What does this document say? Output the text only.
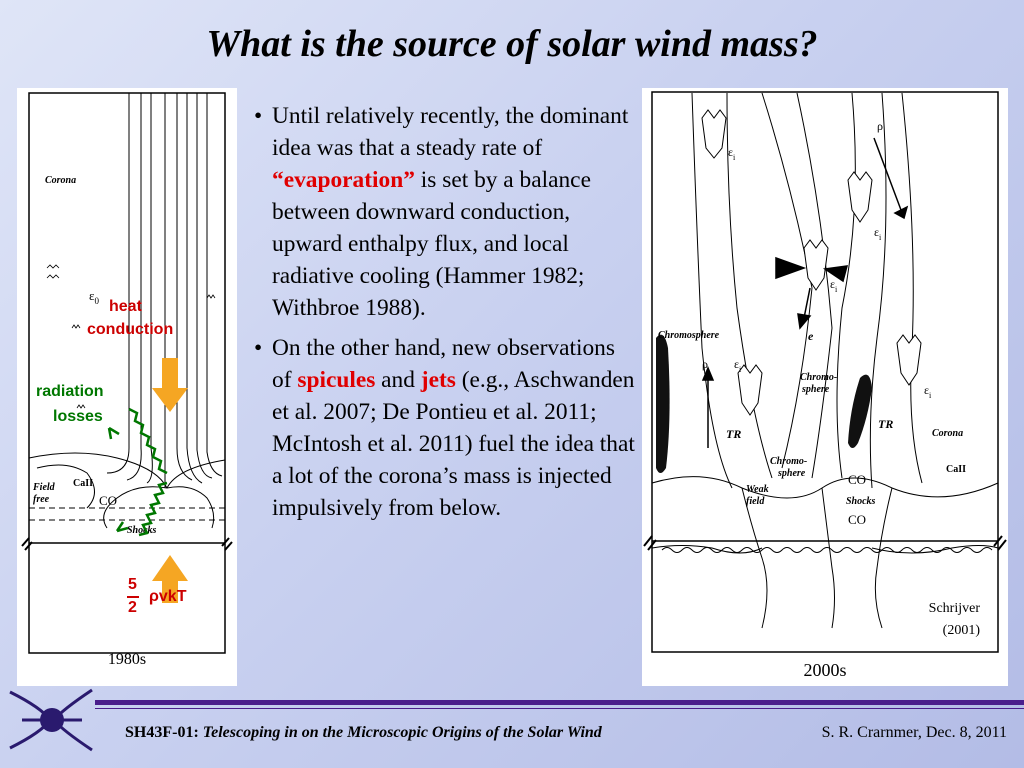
What is the source of solar wind mass?
Corona
$\varepsilon_0$
Field
free
CaII
CO
Shocks
1980s
heat
conduction
radiation
losses
5
2
ρvkT
• Until relatively recently, the dominant idea was that a steady rate of “evaporation” is set by a balance between downward conduction, upward enthalpy flux, and local radiative cooling (Hammer 1982; Withbroe 1988).
• On the other hand, new observations of spicules and jets (e.g., Aschwanden et al. 2007; De Pontieu et al. 2011; McIntosh et al. 2011) fuel the idea that a lot of the corona’s mass is injected impulsively from below.
ρ
ρ
$\varepsilon_i$
$\varepsilon_i$
$\varepsilon_i$
$\varepsilon_i$
$\varepsilon_i$
e
Chromosphere
Chromo-
sphere
Chromo-
sphere
TR
TR
Corona
Weak
field	Shocks
CaII
CO
CO
Schrijver
(2001)
2000s
SH43F-01: Telescoping in on the Microscopic Origins of the Solar Wind	S. R. Crarnmer, Dec. 8, 2011
